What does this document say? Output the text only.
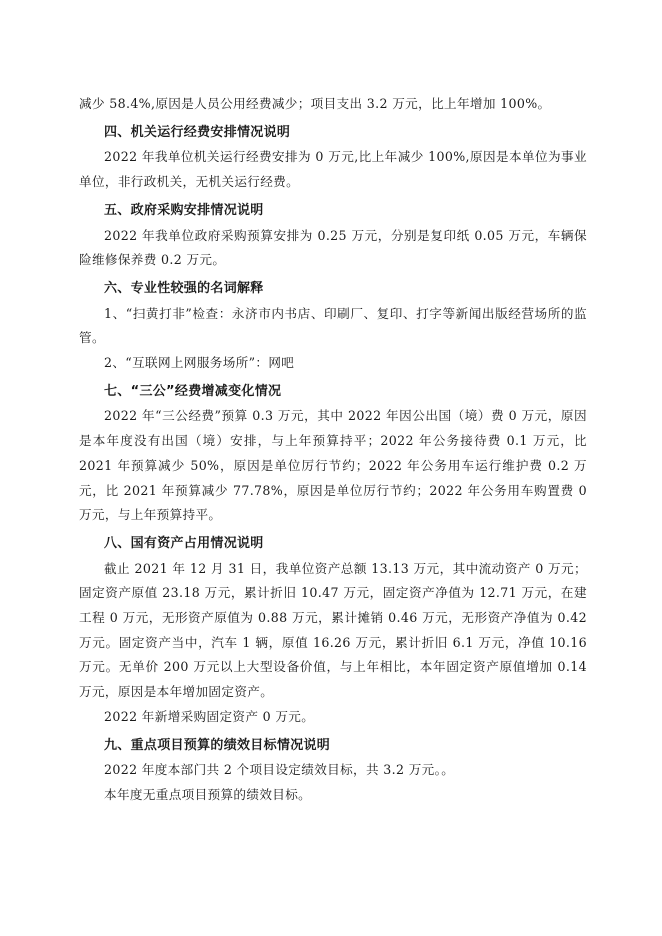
减少 58.4%,原因是人员公用经费减少；项目支出 3.2 万元，比上年增加 100%。

四、机关运行经费安排情况说明

2022 年我单位机关运行经费安排为 0 万元,比上年减少 100%,原因是本单位为事业单位，非行政机关，无机关运行经费。

五、政府采购安排情况说明

2022 年我单位政府采购预算安排为 0.25 万元，分别是复印纸 0.05 万元，车辆保险维修保养费 0.2 万元。

六、专业性较强的名词解释

1、“扫黄打非”检查：永济市内书店、印刷厂、复印、打字等新闻出版经营场所的监管。

2、“互联网上网服务场所”：网吧

七、“三公”经费增减变化情况

2022 年“三公经费”预算 0.3 万元，其中 2022 年因公出国（境）费 0 万元，原因是本年度没有出国（境）安排，与上年预算持平；2022 年公务接待费 0.1 万元，比 2021 年预算减少 50%，原因是单位厉行节约；2022 年公务用车运行维护费 0.2 万元，比 2021 年预算减少 77.78%，原因是单位厉行节约；2022 年公务用车购置费 0 万元，与上年预算持平。

八、国有资产占用情况说明

截止 2021 年 12 月 31 日，我单位资产总额 13.13 万元，其中流动资产 0 万元；固定资产原值 23.18 万元，累计折旧 10.47 万元，固定资产净值为 12.71 万元，在建工程 0 万元，无形资产原值为 0.88 万元，累计摊销 0.46 万元，无形资产净值为 0.42 万元。固定资产当中，汽车 1 辆，原值 16.26 万元，累计折旧 6.1 万元，净值 10.16 万元。无单价 200 万元以上大型设备价值，与上年相比，本年固定资产原值增加 0.14 万元，原因是本年增加固定资产。

2022 年新增采购固定资产 0 万元。

九、重点项目预算的绩效目标情况说明

2022 年度本部门共 2 个项目设定绩效目标，共 3.2 万元。。

本年度无重点项目预算的绩效目标。
